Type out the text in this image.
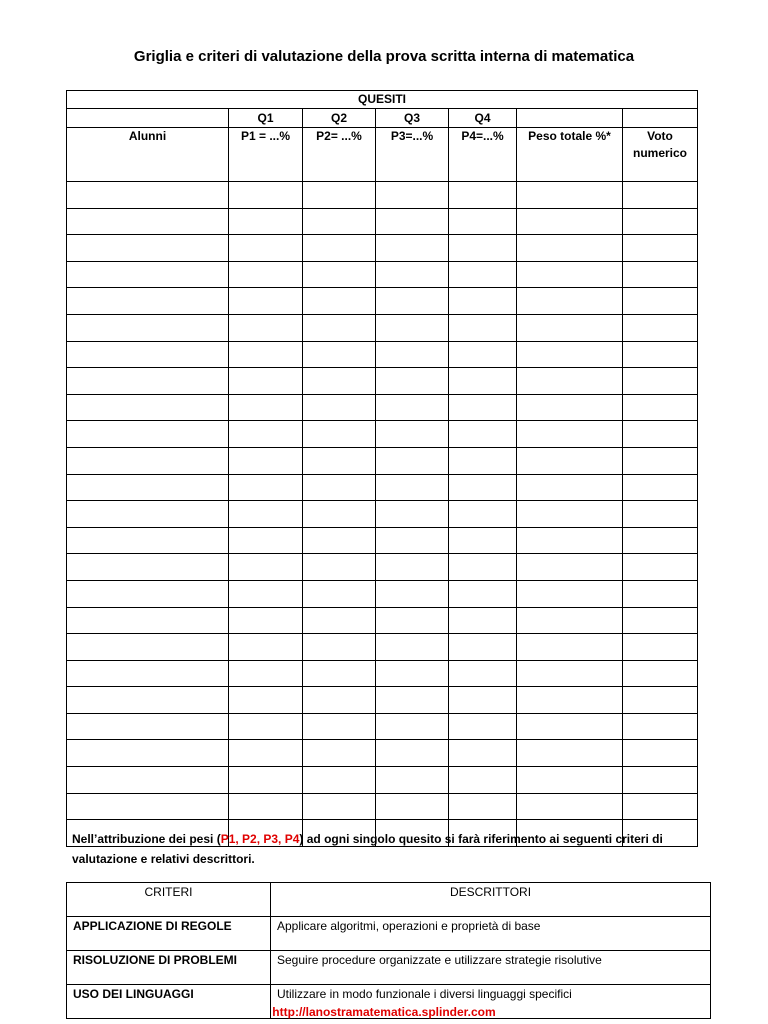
Griglia e criteri di valutazione della prova scritta interna di matematica
QUESITI						
	Q1	Q2	Q3	Q4		
Alunni	P1 = ...%	P2= ...%	P3=...%	P4=...%	Peso totale %*	Voto
numerico

Nell’attribuzione dei pesi (P1, P2, P3, P4) ad ogni singolo quesito si farà riferimento ai seguenti criteri di valutazione e relativi descrittori.
CRITERI	DESCRITTORI
APPLICAZIONE DI REGOLE	Applicare algoritmi, operazioni e proprietà di base
RISOLUZIONE DI PROBLEMI	Seguire procedure organizzate e utilizzare strategie risolutive
USO DEI LINGUAGGI	Utilizzare in modo funzionale i diversi linguaggi specifici
http://lanostramatematica.splinder.com
